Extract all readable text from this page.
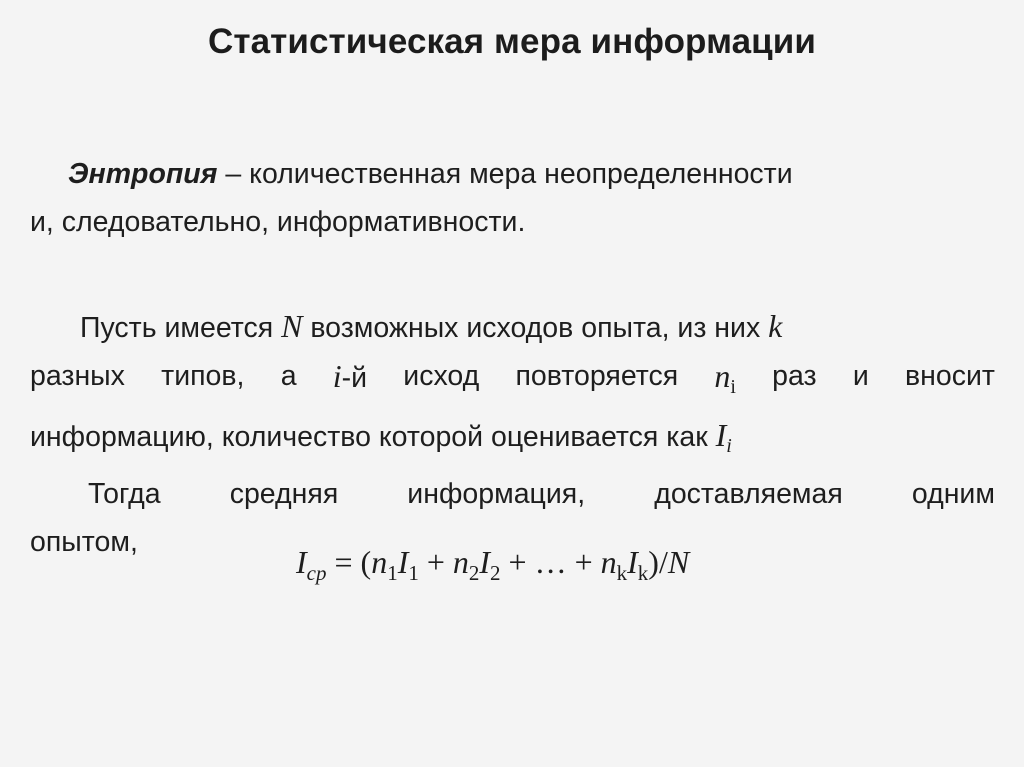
Статистическая мера информации
Энтропия – количественная мера неопределенности
и, следовательно, информативности.
Пусть имеется N возможных исходов опыта, из них k
разных типов, а i-й исход повторяется $n_i$ раз и вносит
информацию, количество которой оценивается как $I_i$
Тогда средняя информация, доставляемая одним
опытом,
$I_{ср} = (n_1I_1 + n_2I_2$ + … + $n_kI_k)/N$
